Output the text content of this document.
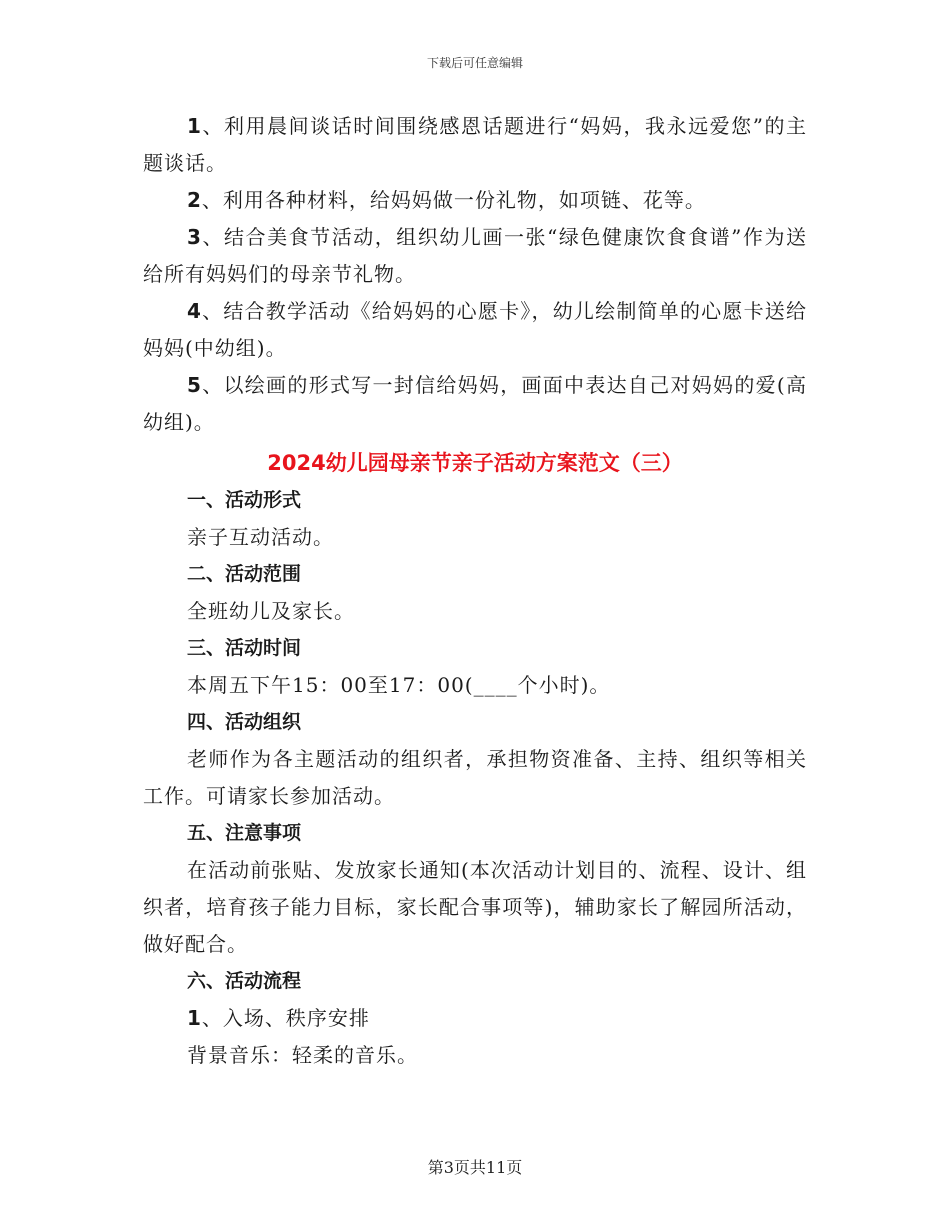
下载后可任意编辑

1、利用晨间谈话时间围绕感恩话题进行“妈妈，我永远爱您”的主题谈话。

2、利用各种材料，给妈妈做一份礼物，如项链、花等。

3、结合美食节活动，组织幼儿画一张“绿色健康饮食食谱”作为送给所有妈妈们的母亲节礼物。

4、结合教学活动《给妈妈的心愿卡》，幼儿绘制简单的心愿卡送给妈妈(中幼组)。

5、以绘画的形式写一封信给妈妈，画面中表达自己对妈妈的爱(高幼组)。

2024幼儿园母亲节亲子活动方案范文（三）

一、活动形式

亲子互动活动。

二、活动范围

全班幼儿及家长。

三、活动时间

本周五下午15：00至17：00(____个小时)。

四、活动组织

老师作为各主题活动的组织者，承担物资准备、主持、组织等相关工作。可请家长参加活动。

五、注意事项

在活动前张贴、发放家长通知(本次活动计划目的、流程、设计、组织者，培育孩子能力目标，家长配合事项等)，辅助家长了解园所活动，做好配合。

六、活动流程

1、入场、秩序安排

背景音乐：轻柔的音乐。

第3页共11页
